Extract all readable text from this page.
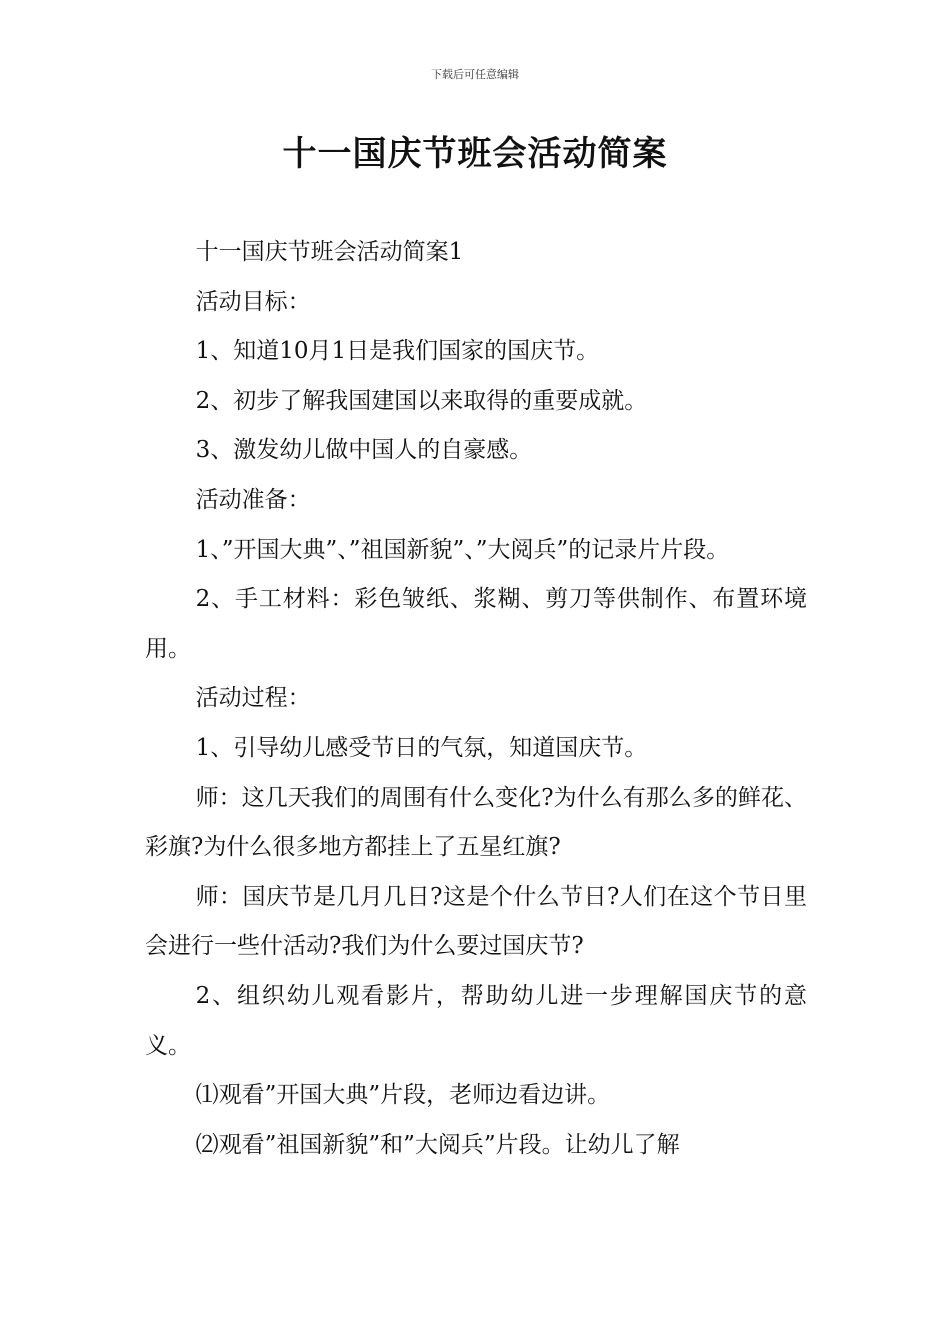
下载后可任意编辑
十一国庆节班会活动简案

十一国庆节班会活动简案1

活动目标：

1、知道10月1日是我们国家的国庆节。

2、初步了解我国建国以来取得的重要成就。

3、激发幼儿做中国人的自豪感。

活动准备：

1、”开国大典”、”祖国新貌”、”大阅兵”的记录片片段。

2、手工材料：彩色皱纸、浆糊、剪刀等供制作、布置环境用。

活动过程：

1、引导幼儿感受节日的气氛，知道国庆节。

师：这几天我们的周围有什么变化?为什么有那么多的鲜花、彩旗?为什么很多地方都挂上了五星红旗?

师：国庆节是几月几日?这是个什么节日?人们在这个节日里会进行一些什活动?我们为什么要过国庆节?

2、组织幼儿观看影片，帮助幼儿进一步理解国庆节的意义。

⑴观看”开国大典”片段，老师边看边讲。

⑵观看”祖国新貌”和”大阅兵”片段。让幼儿了解
